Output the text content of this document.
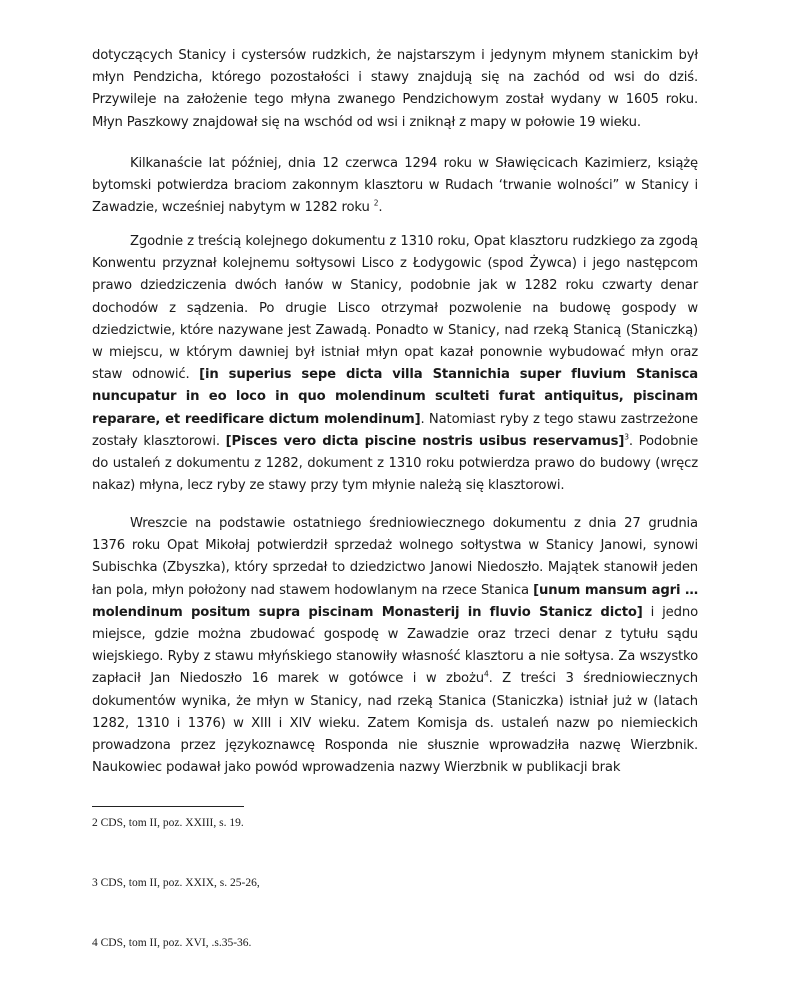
dotyczących Stanicy i cystersów rudzkich, że najstarszym i jedynym młynem stanickim był młyn Pendzicha, którego pozostałości i stawy znajdują się na zachód od wsi do dziś. Przywileje na założenie tego młyna zwanego Pendzichowym został wydany w 1605 roku. Młyn Paszkowy znajdował się na wschód od wsi i zniknął z mapy w połowie 19 wieku.

Kilkanaście lat później, dnia 12 czerwca 1294 roku w Sławięcicach Kazimierz, książę bytomski potwierdza braciom zakonnym klasztoru w Rudach ‘trwanie wolności” w Stanicy i Zawadzie, wcześniej nabytym w 1282 roku $^2$.

Zgodnie z treścią kolejnego dokumentu z 1310 roku, Opat klasztoru rudzkiego za zgodą Konwentu przyznał kolejnemu sołtysowi Lisco z Łodygowic (spod Żywca) i jego następcom prawo dziedziczenia dwóch łanów w Stanicy, podobnie jak w 1282 roku czwarty denar dochodów z sądzenia. Po drugie Lisco otrzymał pozwolenie na budowę gospody w dziedzictwie, które nazywane jest Zawadą. Ponadto w Stanicy, nad rzeką Stanicą (Staniczką) w miejscu, w którym dawniej był istniał młyn opat kazał ponownie wybudować młyn oraz staw odnowić. [in superius sepe dicta villa Stannichia super fluvium Stanisca nuncupatur in eo loco in quo molendinum sculteti furat antiquitus, piscinam reparare, et reedificare dictum molendinum]. Natomiast ryby z tego stawu zastrzeżone zostały klasztorowi. [Pisces vero dicta piscine nostris usibus reservamus]$^3$. Podobnie do ustaleń z dokumentu z 1282, dokument z 1310 roku potwierdza prawo do budowy (wręcz nakaz) młyna, lecz ryby ze stawy przy tym młynie należą się klasztorowi.

Wreszcie na podstawie ostatniego średniowiecznego dokumentu z dnia 27 grudnia 1376 roku Opat Mikołaj potwierdził sprzedaż wolnego sołtystwa w Stanicy Janowi, synowi Subischka (Zbyszka), który sprzedał to dziedzictwo Janowi Niedoszło. Majątek stanowił jeden łan pola, młyn położony nad stawem hodowlanym na rzece Stanica [unum mansum agri … molendinum positum supra piscinam Monasterij in fluvio Stanicz dicto] i jedno miejsce, gdzie można zbudować gospodę w Zawadzie oraz trzeci denar z tytułu sądu wiejskiego. Ryby z stawu młyńskiego stanowiły własność klasztoru a nie sołtysa. Za wszystko zapłacił Jan Niedoszło 16 marek w gotówce i w zbożu$^4$. Z treści 3 średniowiecznych dokumentów wynika, że młyn w Stanicy, nad rzeką Stanica (Staniczka) istniał już w (latach 1282, 1310 i 1376) w XIII i XIV wieku. Zatem Komisja ds. ustaleń nazw po niemieckich prowadzona przez językoznawcę Rosponda nie słusznie wprowadziła nazwę Wierzbnik. Naukowiec podawał jako powód wprowadzenia nazwy Wierzbnik w publikacji brak

2 CDS, tom II, poz. XXIII, s. 19.
3 CDS, tom II, poz. XXIX, s. 25-26,
4 CDS, tom II, poz. XVI, .s.35-36.
